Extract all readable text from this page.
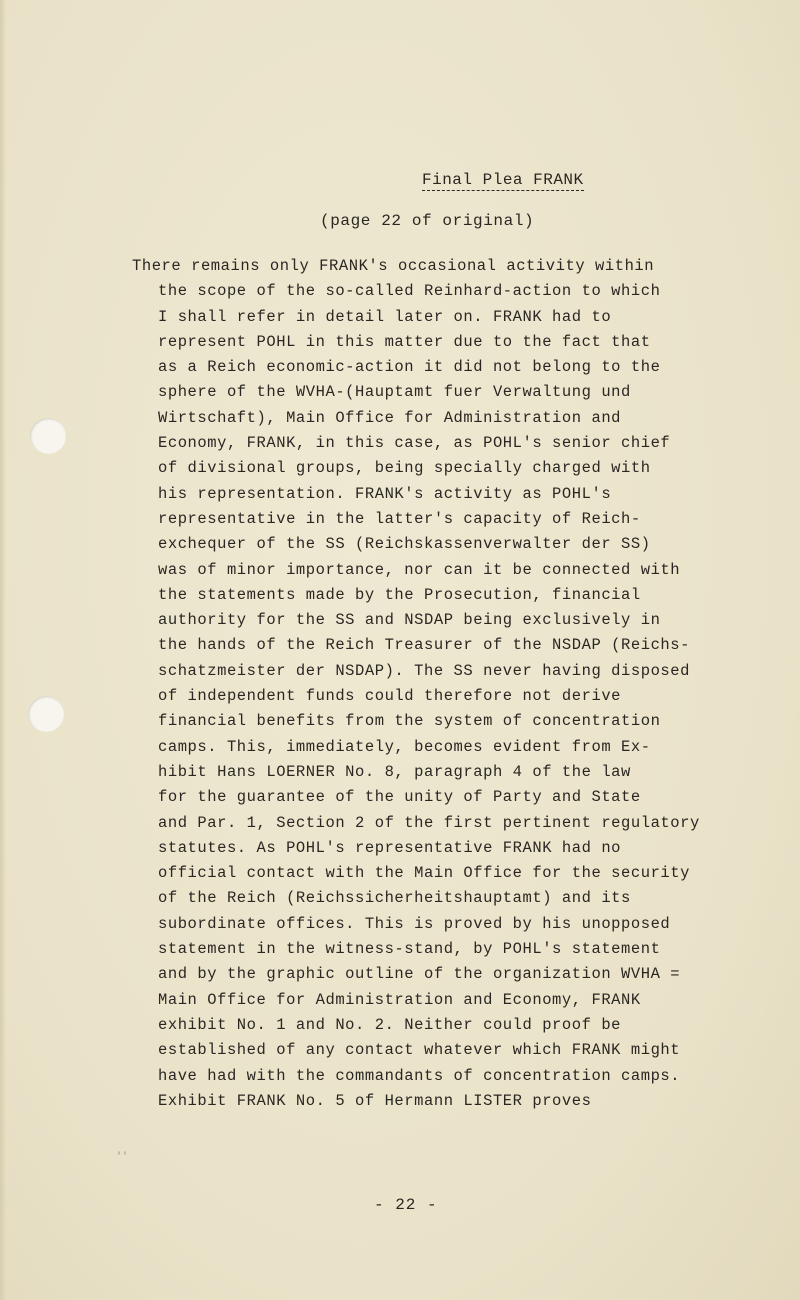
Final Plea FRANK
(page 22 of original)
There remains only FRANK's occasional activity within
the scope of the so-called Reinhard-action to which
I shall refer in detail later on. FRANK had to
represent POHL in this matter due to the fact that
as a Reich economic-action it did not belong to the
sphere of the WVHA-(Hauptamt fuer Verwaltung und
Wirtschaft), Main Office for Administration and
Economy, FRANK, in this case, as POHL's senior chief
of divisional groups, being specially charged with
his representation. FRANK's activity as POHL's
representative in the latter's capacity of Reich-
exchequer of the SS (Reichskassenverwalter der SS)
was of minor importance, nor can it be connected with
the statements made by the Prosecution, financial
authority for the SS and NSDAP being exclusively in
the hands of the Reich Treasurer of the NSDAP (Reichs-
schatzmeister der NSDAP). The SS never having disposed
of independent funds could therefore not derive
financial benefits from the system of concentration
camps. This, immediately, becomes evident from Ex-
hibit Hans LOERNER No. 8, paragraph 4 of the law
for the guarantee of the unity of Party and State
and Par. 1, Section 2 of the first pertinent regulatory
statutes. As POHL's representative FRANK had no
official contact with the Main Office for the security
of the Reich (Reichssicherheitshauptamt) and its
subordinate offices. This is proved by his unopposed
statement in the witness-stand, by POHL's statement
and by the graphic outline of the organization WVHA =
Main Office for Administration and Economy, FRANK
exhibit No. 1 and No. 2. Neither could proof be
established of any contact whatever which FRANK might
have had with the commandants of concentration camps.
Exhibit FRANK No. 5 of Hermann LISTER proves
′′
- 22 -
